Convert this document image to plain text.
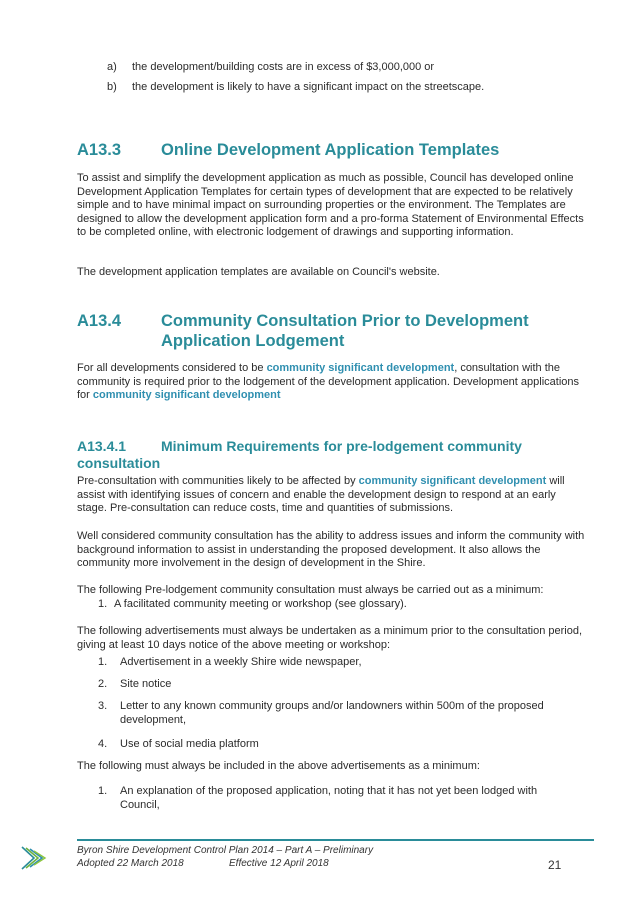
a) the development/building costs are in excess of $3,000,000 or
b) the development is likely to have a significant impact on the streetscape.
A13.3 Online Development Application Templates

To assist and simplify the development application as much as possible, Council has developed online Development Application Templates for certain types of development that are expected to be relatively simple and to have minimal impact on surrounding properties or the environment. The Templates are designed to allow the development application form and a pro-forma Statement of Environmental Effects to be completed online, with electronic lodgement of drawings and supporting information.

The development application templates are available on Council's website.

A13.4 Community Consultation Prior to Development Application Lodgement

For all developments considered to be community significant development, consultation with the community is required prior to the lodgement of the development application. Development applications for community significant development

A13.4.1 Minimum Requirements for pre-lodgement community consultation

Pre-consultation with communities likely to be affected by community significant development will assist with identifying issues of concern and enable the development design to respond at an early stage. Pre-consultation can reduce costs, time and quantities of submissions.

Well considered community consultation has the ability to address issues and inform the community with background information to assist in understanding the proposed development. It also allows the community more involvement in the design of development in the Shire.

The following Pre-lodgement community consultation must always be carried out as a minimum:

1. A facilitated community meeting or workshop (see glossary).

The following advertisements must always be undertaken as a minimum prior to the consultation period, giving at least 10 days notice of the above meeting or workshop:

1. Advertisement in a weekly Shire wide newspaper,
2. Site notice
3. Letter to any known community groups and/or landowners within 500m of the proposed development,
4. Use of social media platform

The following must always be included in the above advertisements as a minimum:

1. An explanation of the proposed application, noting that it has not yet been lodged with Council,
Byron Shire Development Control Plan 2014 – Part A – Preliminary
Adopted 22 March 2018	Effective 12 April 2018	21
